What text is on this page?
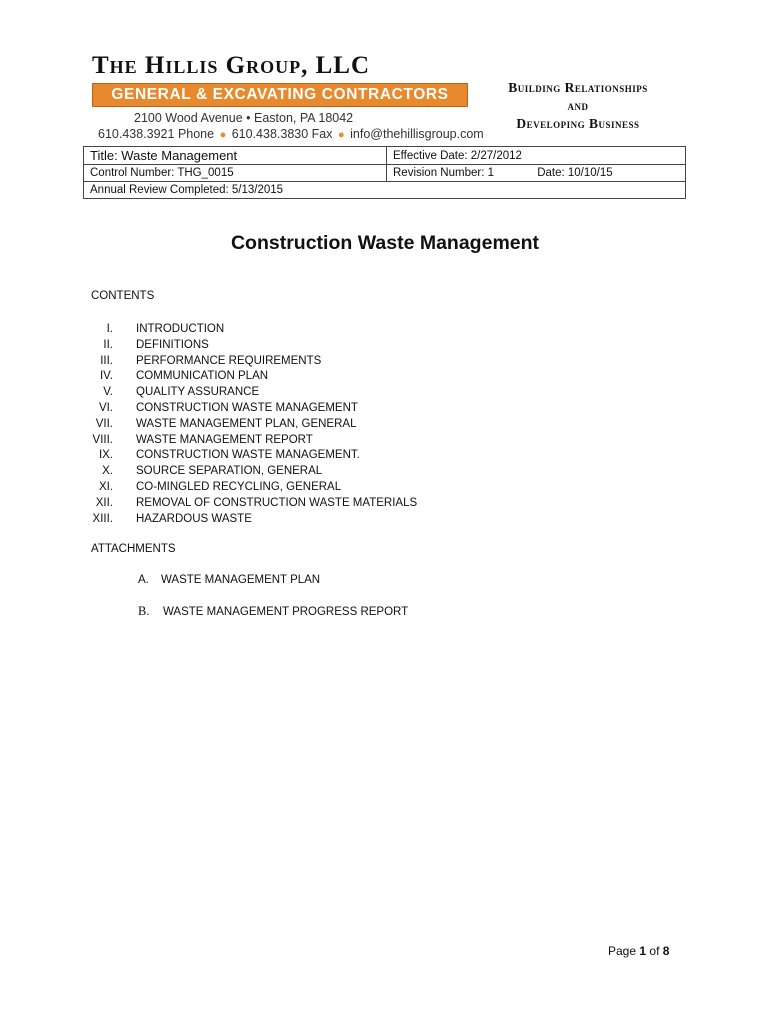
The Hillis Group, LLC
GENERAL & EXCAVATING CONTRACTORS
2100 Wood Avenue • Easton, PA 18042
610.438.3921 Phone ● 610.438.3830 Fax ● info@thehillisgroup.com
Building Relationships
and
Developing Business
Title: Waste Management	Effective Date: 2/27/2012
Control Number: THG_0015	Revision Number: 1 Date: 10/10/15
Annual Review Completed: 5/13/2015	
Construction Waste Management
CONTENTS
I. INTRODUCTION
II. DEFINITIONS
III. PERFORMANCE REQUIREMENTS
IV. COMMUNICATION PLAN
V. QUALITY ASSURANCE
VI. CONSTRUCTION WASTE MANAGEMENT
VII. WASTE MANAGEMENT PLAN, GENERAL
VIII. WASTE MANAGEMENT REPORT
IX. CONSTRUCTION WASTE MANAGEMENT.
X. SOURCE SEPARATION, GENERAL
XI. CO-MINGLED RECYCLING, GENERAL
XII. REMOVAL OF CONSTRUCTION WASTE MATERIALS
XIII. HAZARDOUS WASTE
ATTACHMENTS
A. WASTE MANAGEMENT PLAN
B. WASTE MANAGEMENT PROGRESS REPORT
Page 1 of 8
